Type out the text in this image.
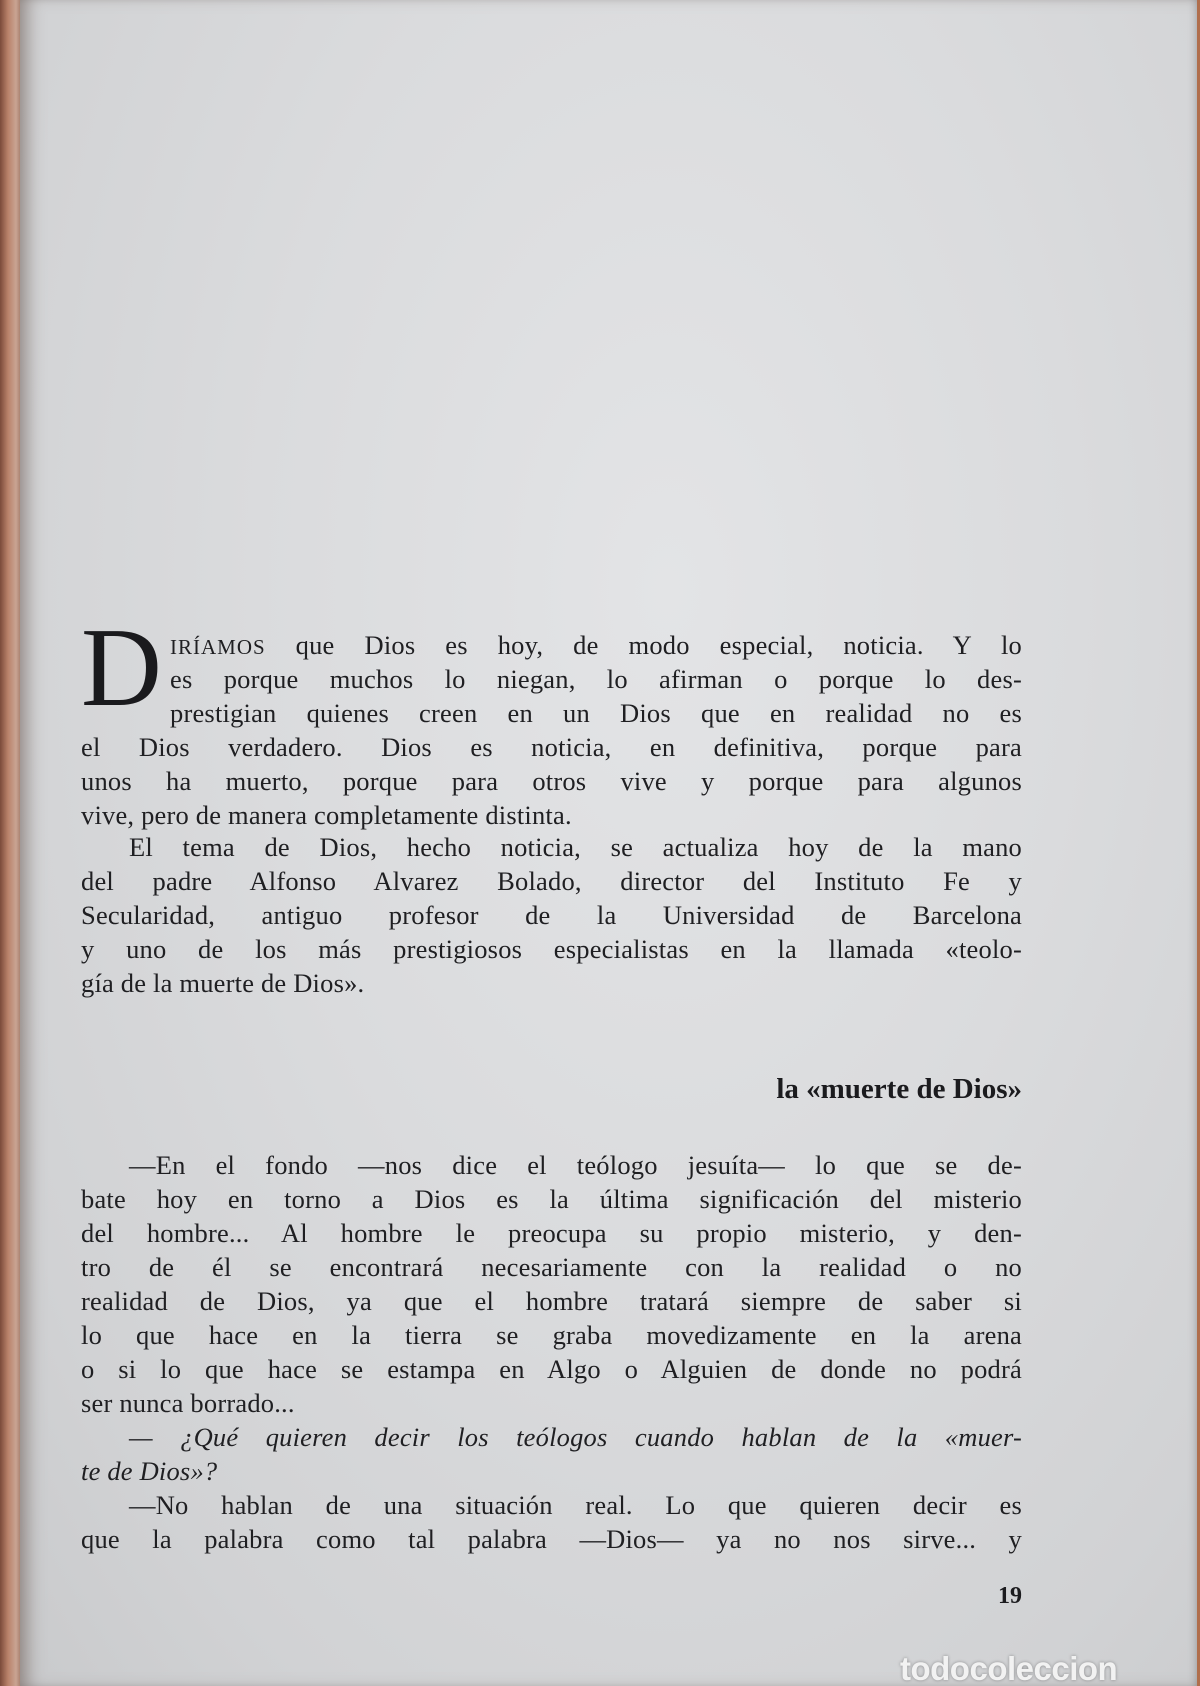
D IRÍAMOS que Dios es hoy, de modo especial, noticia. Y lo
es porque muchos lo niegan, lo afirman o porque lo des-
prestigian quienes creen en un Dios que en realidad no es
el Dios verdadero. Dios es noticia, en definitiva, porque para
unos ha muerto, porque para otros vive y porque para algunos
vive, pero de manera completamente distinta.
El tema de Dios, hecho noticia, se actualiza hoy de la mano
del padre Alfonso Alvarez Bolado, director del Instituto Fe y
Secularidad, antiguo profesor de la Universidad de Barcelona
y uno de los más prestigiosos especialistas en la llamada «teolo-
gía de la muerte de Dios».
la «muerte de Dios»
—En el fondo —nos dice el teólogo jesuíta— lo que se de-
bate hoy en torno a Dios es la última significación del misterio
del hombre... Al hombre le preocupa su propio misterio, y den-
tro de él se encontrará necesariamente con la realidad o no
realidad de Dios, ya que el hombre tratará siempre de saber si
lo que hace en la tierra se graba movedizamente en la arena
o si lo que hace se estampa en Algo o Alguien de donde no podrá
ser nunca borrado...
— ¿Qué quieren decir los teólogos cuando hablan de la «muer-
te de Dios»?
—No hablan de una situación real. Lo que quieren decir es
que la palabra como tal palabra —Dios— ya no nos sirve... y
19
todocoleccion
